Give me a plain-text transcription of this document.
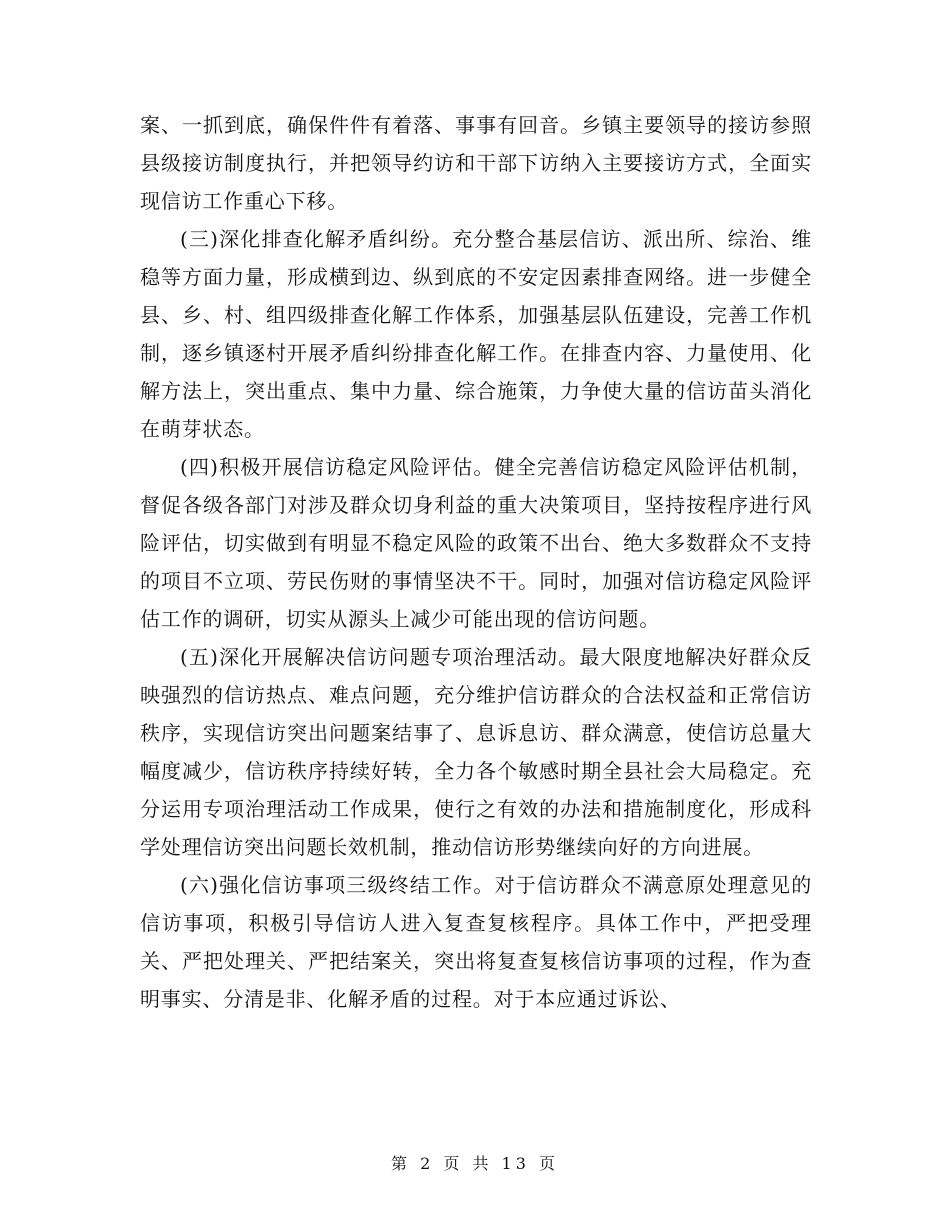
案、一抓到底，确保件件有着落、事事有回音。乡镇主要领导的接访参照县级接访制度执行，并把领导约访和干部下访纳入主要接访方式，全面实现信访工作重心下移。

(三)深化排查化解矛盾纠纷。充分整合基层信访、派出所、综治、维稳等方面力量，形成横到边、纵到底的不安定因素排查网络。进一步健全县、乡、村、组四级排查化解工作体系，加强基层队伍建设，完善工作机制，逐乡镇逐村开展矛盾纠纷排查化解工作。在排查内容、力量使用、化解方法上，突出重点、集中力量、综合施策，力争使大量的信访苗头消化在萌芽状态。

(四)积极开展信访稳定风险评估。健全完善信访稳定风险评估机制，督促各级各部门对涉及群众切身利益的重大决策项目，坚持按程序进行风险评估，切实做到有明显不稳定风险的政策不出台、绝大多数群众不支持的项目不立项、劳民伤财的事情坚决不干。同时，加强对信访稳定风险评估工作的调研，切实从源头上减少可能出现的信访问题。

(五)深化开展解决信访问题专项治理活动。最大限度地解决好群众反映强烈的信访热点、难点问题，充分维护信访群众的合法权益和正常信访秩序，实现信访突出问题案结事了、息诉息访、群众满意，使信访总量大幅度减少，信访秩序持续好转，全力各个敏感时期全县社会大局稳定。充分运用专项治理活动工作成果，使行之有效的办法和措施制度化，形成科学处理信访突出问题长效机制，推动信访形势继续向好的方向进展。

(六)强化信访事项三级终结工作。对于信访群众不满意原处理意见的信访事项，积极引导信访人进入复查复核程序。具体工作中，严把受理关、严把处理关、严把结案关，突出将复查复核信访事项的过程，作为查明事实、分清是非、化解矛盾的过程。对于本应通过诉讼、

第 2 页 共 13 页
